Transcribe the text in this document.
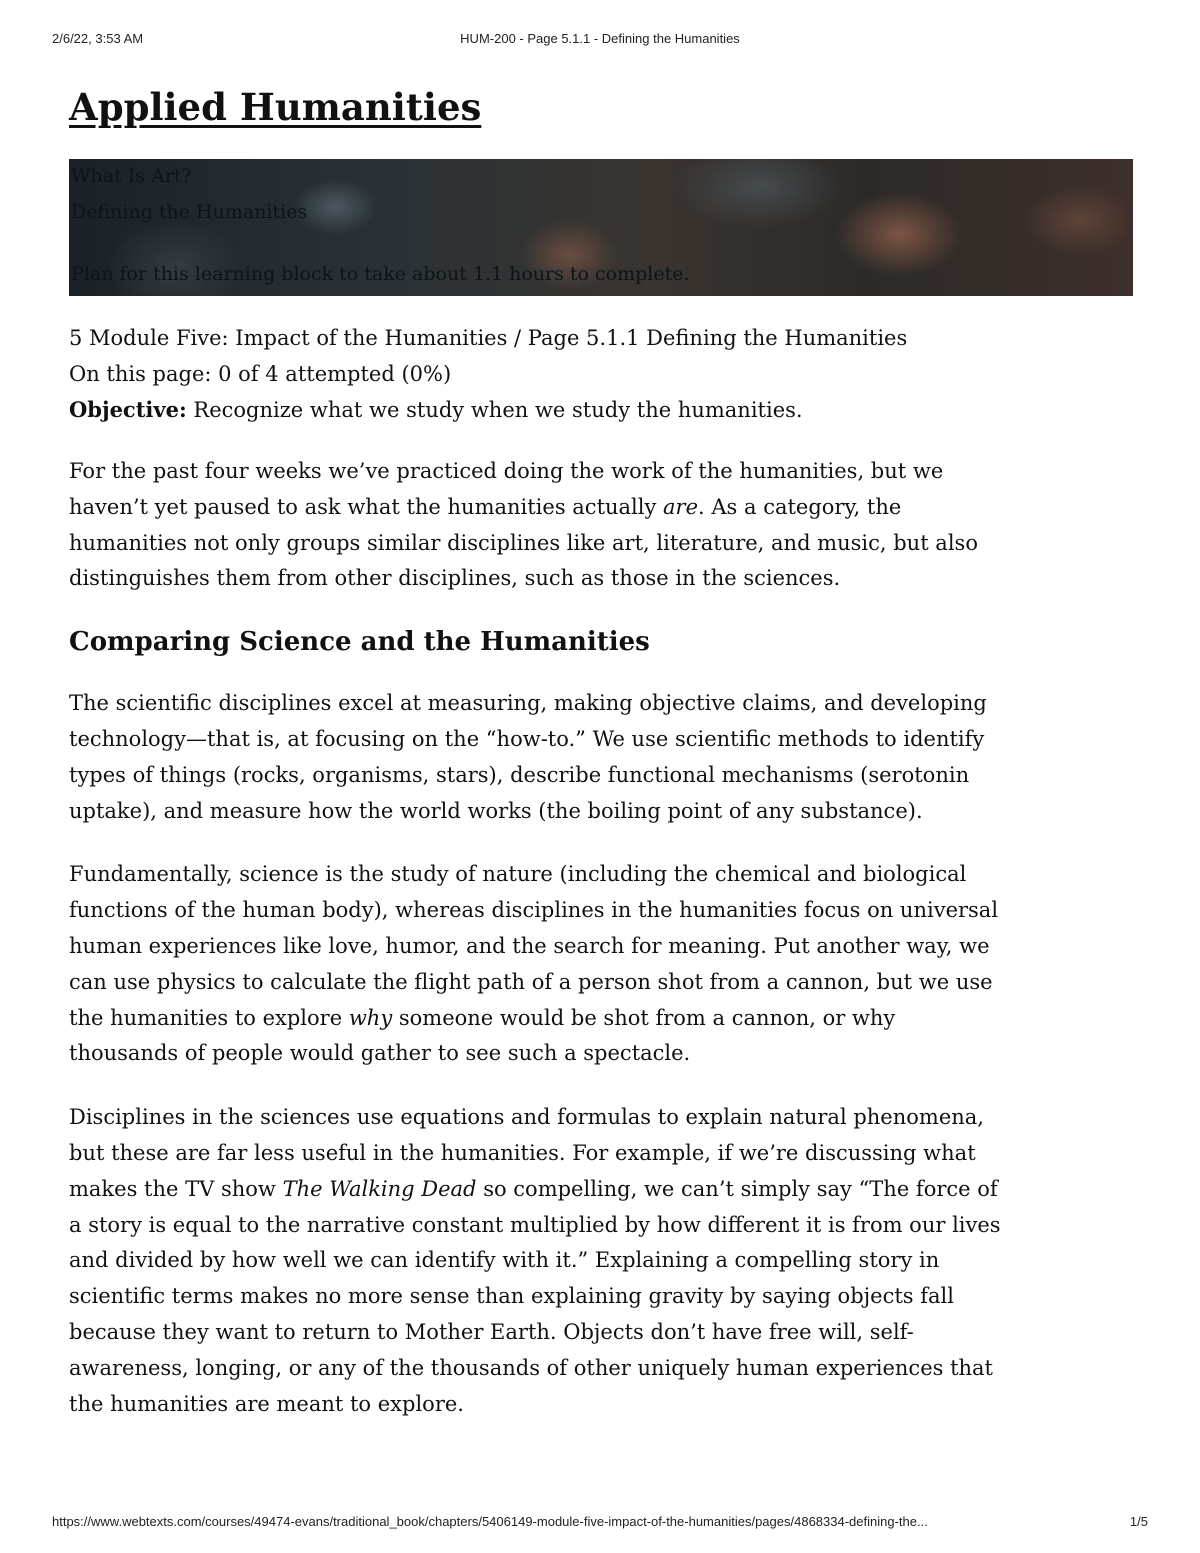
2/6/22, 3:53 AM	HUM-200 - Page 5.1.1 - Defining the Humanities
Applied Humanities
What Is Art?
Defining the Humanities
Plan for this learning block to take about 1.1 hours to complete.

5 Module Five: Impact of the Humanities / Page 5.1.1 Defining the Humanities

On this page: 0 of 4 attempted (0%)

Objective: Recognize what we study when we study the humanities.

For the past four weeks we’ve practiced doing the work of the humanities, but we
haven’t yet paused to ask what the humanities actually are. As a category, the
humanities not only groups similar disciplines like art, literature, and music, but also
distinguishes them from other disciplines, such as those in the sciences.

Comparing Science and the Humanities

The scientific disciplines excel at measuring, making objective claims, and developing
technology—that is, at focusing on the “how-to.” We use scientific methods to identify
types of things (rocks, organisms, stars), describe functional mechanisms (serotonin
uptake), and measure how the world works (the boiling point of any substance).

Fundamentally, science is the study of nature (including the chemical and biological
functions of the human body), whereas disciplines in the humanities focus on universal
human experiences like love, humor, and the search for meaning. Put another way, we
can use physics to calculate the flight path of a person shot from a cannon, but we use
the humanities to explore why someone would be shot from a cannon, or why
thousands of people would gather to see such a spectacle.

Disciplines in the sciences use equations and formulas to explain natural phenomena,
but these are far less useful in the humanities. For example, if we’re discussing what
makes the TV show The Walking Dead so compelling, we can’t simply say “The force of
a story is equal to the narrative constant multiplied by how different it is from our lives
and divided by how well we can identify with it.” Explaining a compelling story in
scientific terms makes no more sense than explaining gravity by saying objects fall
because they want to return to Mother Earth. Objects don’t have free will, self-
awareness, longing, or any of the thousands of other uniquely human experiences that
the humanities are meant to explore.

https://www.webtexts.com/courses/49474-evans/traditional_book/chapters/5406149-module-five-impact-of-the-humanities/pages/4868334-defining-the...	1/5
